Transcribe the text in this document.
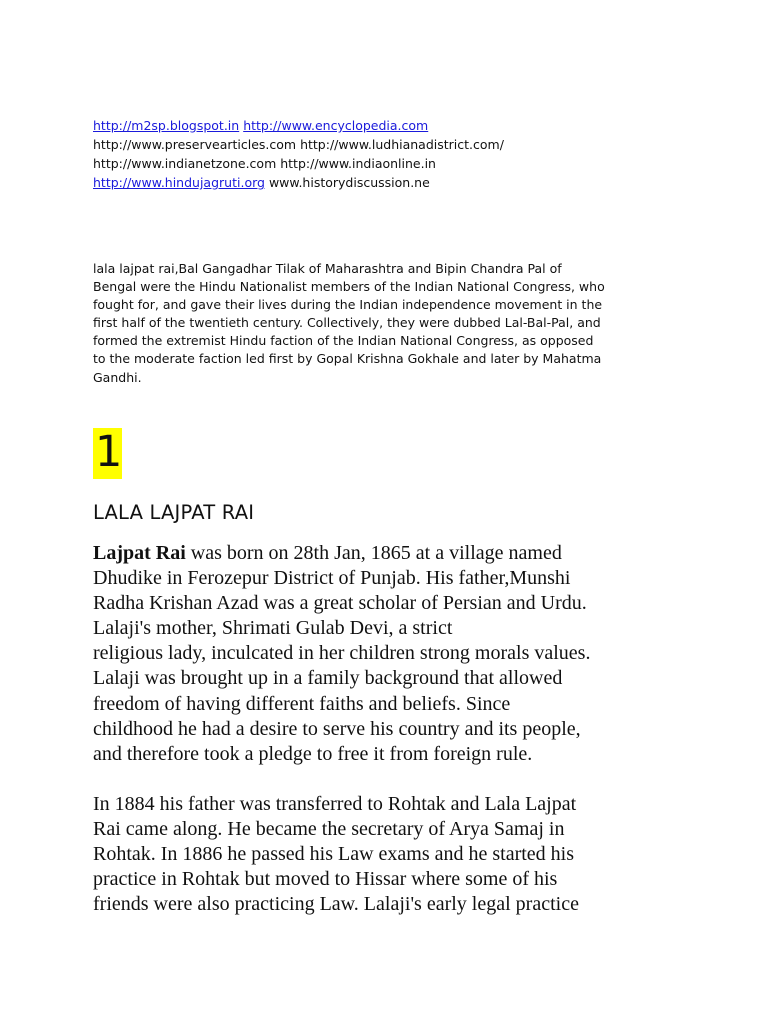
http://m2sp.blogspot.in http://www.encyclopedia.com
http://www.preservearticles.com http://www.ludhianadistrict.com/
http://www.indianetzone.com http://www.indiaonline.in
http://www.hindujagruti.org www.historydiscussion.ne
lala lajpat rai,Bal Gangadhar Tilak of Maharashtra and Bipin Chandra Pal of
Bengal were the Hindu Nationalist members of the Indian National Congress, who
fought for, and gave their lives during the Indian independence movement in the
first half of the twentieth century. Collectively, they were dubbed Lal-Bal-Pal, and
formed the extremist Hindu faction of the Indian National Congress, as opposed
to the moderate faction led first by Gopal Krishna Gokhale and later by Mahatma
Gandhi.
1
LALA LAJPAT RAI
Lajpat Rai was born on 28th Jan, 1865 at a village named
Dhudike in Ferozepur District of Punjab. His father,Munshi
Radha Krishan Azad was a great scholar of Persian and Urdu.
Lalaji's mother, Shrimati Gulab Devi, a strict
religious lady, inculcated in her children strong morals values.
Lalaji was brought up in a family background that allowed
freedom of having different faiths and beliefs. Since
childhood he had a desire to serve his country and its people,
and therefore took a pledge to free it from foreign rule.
In 1884 his father was transferred to Rohtak and Lala Lajpat
Rai came along. He became the secretary of Arya Samaj in
Rohtak. In 1886 he passed his Law exams and he started his
practice in Rohtak but moved to Hissar where some of his
friends were also practicing Law. Lalaji's early legal practice
